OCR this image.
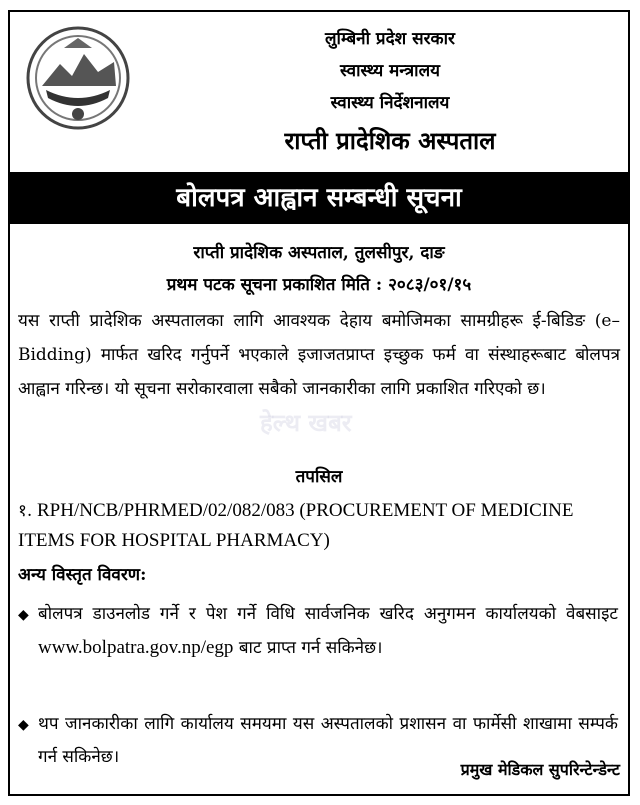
लुम्बिनी प्रदेश सरकार
स्वास्थ्य मन्त्रालय
स्वास्थ्य निर्देशनालय
राप्ती प्रादेशिक अस्पताल
बोलपत्र आह्वान सम्बन्धी सूचना
राप्ती प्रादेशिक अस्पताल, तुलसीपुर, दाङ
प्रथम पटक सूचना प्रकाशित मिति : २०८३/०१/१५
यस राप्ती प्रादेशिक अस्पतालका लागि आवश्यक देहाय बमोजिमका सामग्रीहरू ई-बिडिङ (e–Bidding) मार्फत खरिद गर्नुपर्ने भएकाले इजाजतप्राप्त इच्छुक फर्म वा संस्थाहरूबाट बोलपत्र आह्वान गरिन्छ। यो सूचना सरोकारवाला सबैको जानकारीका लागि प्रकाशित गरिएको छ।
हेल्थ खबर
तपसिल
१. RPH/NCB/PHRMED/02/082/083 (PROCUREMENT OF MEDICINE ITEMS FOR HOSPITAL PHARMACY)
अन्य विस्तृत विवरण:
◆ बोलपत्र डाउनलोड गर्ने र पेश गर्ने विधि सार्वजनिक खरिद अनुगमन कार्यालयको वेबसाइट www.bolpatra.gov.np/egp बाट प्राप्त गर्न सकिनेछ।
◆ थप जानकारीका लागि कार्यालय समयमा यस अस्पतालको प्रशासन वा फार्मेसी शाखामा सम्पर्क गर्न सकिनेछ।
प्रमुख मेडिकल सुपरिन्टेन्डेन्ट
